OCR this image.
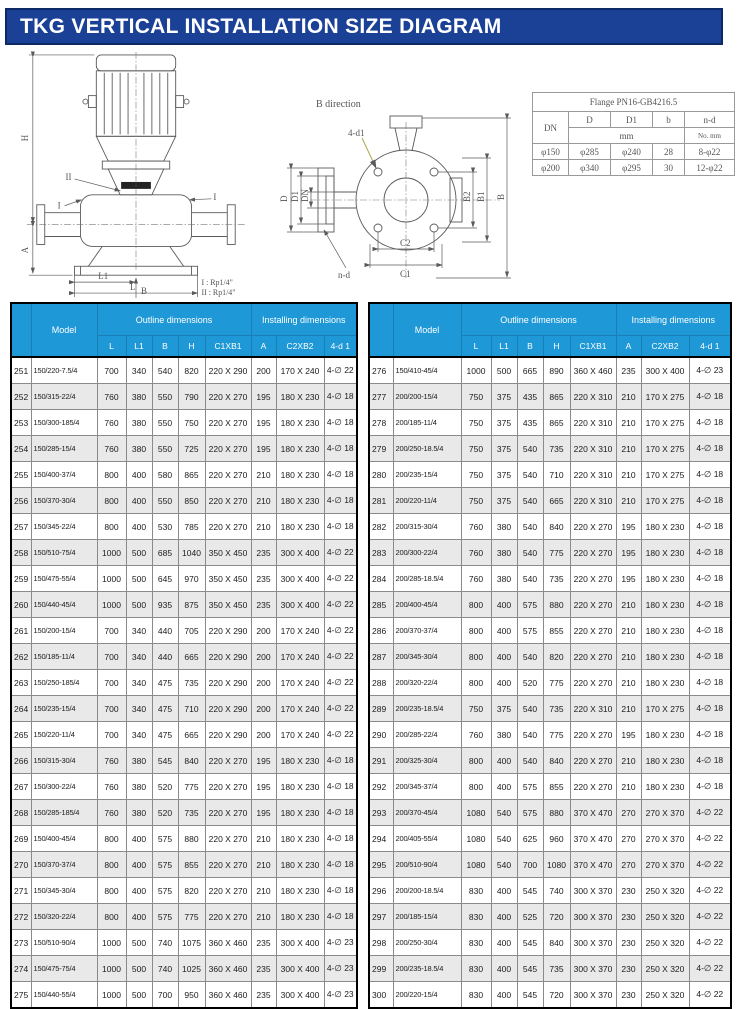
TKG VERTICAL INSTALLATION SIZE DIAGRAM
H
A
L1
L B
II
I
I
I : Rp1/4"
II : Rp1/4"
B direction
4-d1
n-d
D D1 DN	B2 B1 B
C2
C1
Flange PN16-GB4216.5				
DN	D	D1	b	n-d
	mm			No. mm
φ150	φ285	φ240	28	8-φ22
φ200	φ340	φ295	30	12-φ22
	Model	Outline dimensions					Installing dimensions		
		L	L1	B	H	C1XB1	A	C2XB2	4-d 1
251	150/220-7.5/4	700	340	540	820	220 X 290	200	170 X 240	4-∅ 22
252	150/315-22/4	760	380	550	790	220 X 270	195	180 X 230	4-∅ 18
253	150/300-185/4	760	380	550	750	220 X 270	195	180 X 230	4-∅ 18
254	150/285-15/4	760	380	550	725	220 X 270	195	180 X 230	4-∅ 18
255	150/400-37/4	800	400	580	865	220 X 270	210	180 X 230	4-∅ 18
256	150/370-30/4	800	400	550	850	220 X 270	210	180 X 230	4-∅ 18
257	150/345-22/4	800	400	530	785	220 X 270	210	180 X 230	4-∅ 18
258	150/510-75/4	1000	500	685	1040	350 X 450	235	300 X 400	4-∅ 22
259	150/475-55/4	1000	500	645	970	350 X 450	235	300 X 400	4-∅ 22
260	150/440-45/4	1000	500	935	875	350 X 450	235	300 X 400	4-∅ 22
261	150/200-15/4	700	340	440	705	220 X 290	200	170 X 240	4-∅ 22
262	150/185-11/4	700	340	440	665	220 X 290	200	170 X 240	4-∅ 22
263	150/250-185/4	700	340	475	735	220 X 290	200	170 X 240	4-∅ 22
264	150/235-15/4	700	340	475	710	220 X 290	200	170 X 240	4-∅ 22
265	150/220-11/4	700	340	475	665	220 X 290	200	170 X 240	4-∅ 22
266	150/315-30/4	760	380	545	840	220 X 270	195	180 X 230	4-∅ 18
267	150/300-22/4	760	380	520	775	220 X 270	195	180 X 230	4-∅ 18
268	150/285-185/4	760	380	520	735	220 X 270	195	180 X 230	4-∅ 18
269	150/400-45/4	800	400	575	880	220 X 270	210	180 X 230	4-∅ 18
270	150/370-37/4	800	400	575	855	220 X 270	210	180 X 230	4-∅ 18
271	150/345-30/4	800	400	575	820	220 X 270	210	180 X 230	4-∅ 18
272	150/320-22/4	800	400	575	775	220 X 270	210	180 X 230	4-∅ 18
273	150/510-90/4	1000	500	740	1075	360 X 460	235	300 X 400	4-∅ 23
274	150/475-75/4	1000	500	740	1025	360 X 460	235	300 X 400	4-∅ 23
275	150/440-55/4	1000	500	700	950	360 X 460	235	300 X 400	4-∅ 23
	Model	Outline dimensions					Installing dimensions		
		L	L1	B	H	C1XB1	A	C2XB2	4-d 1
276	150/410-45/4	1000	500	665	890	360 X 460	235	300 X 400	4-∅ 23
277	200/200-15/4	750	375	435	865	220 X 310	210	170 X 275	4-∅ 18
278	200/185-11/4	750	375	435	865	220 X 310	210	170 X 275	4-∅ 18
279	200/250-18.5/4	750	375	540	735	220 X 310	210	170 X 275	4-∅ 18
280	200/235-15/4	750	375	540	710	220 X 310	210	170 X 275	4-∅ 18
281	200/220-11/4	750	375	540	665	220 X 310	210	170 X 275	4-∅ 18
282	200/315-30/4	760	380	540	840	220 X 270	195	180 X 230	4-∅ 18
283	200/300-22/4	760	380	540	775	220 X 270	195	180 X 230	4-∅ 18
284	200/285-18.5/4	760	380	540	735	220 X 270	195	180 X 230	4-∅ 18
285	200/400-45/4	800	400	575	880	220 X 270	210	180 X 230	4-∅ 18
286	200/370-37/4	800	400	575	855	220 X 270	210	180 X 230	4-∅ 18
287	200/345-30/4	800	400	540	820	220 X 270	210	180 X 230	4-∅ 18
288	200/320-22/4	800	400	520	775	220 X 270	210	180 X 230	4-∅ 18
289	200/235-18.5/4	750	375	540	735	220 X 310	210	170 X 275	4-∅ 18
290	200/285-22/4	760	380	540	775	220 X 270	195	180 X 230	4-∅ 18
291	200/325-30/4	800	400	540	840	220 X 270	210	180 X 230	4-∅ 18
292	200/345-37/4	800	400	575	855	220 X 270	210	180 X 230	4-∅ 18
293	200/370-45/4	1080	540	575	880	370 X 470	270	270 X 370	4-∅ 22
294	200/405-55/4	1080	540	625	960	370 X 470	270	270 X 370	4-∅ 22
295	200/510-90/4	1080	540	700	1080	370 X 470	270	270 X 370	4-∅ 22
296	200/200-18.5/4	830	400	545	740	300 X 370	230	250 X 320	4-∅ 22
297	200/185-15/4	830	400	525	720	300 X 370	230	250 X 320	4-∅ 22
298	200/250-30/4	830	400	545	840	300 X 370	230	250 X 320	4-∅ 22
299	200/235-18.5/4	830	400	545	735	300 X 370	230	250 X 320	4-∅ 22
300	200/220-15/4	830	400	545	720	300 X 370	230	250 X 320	4-∅ 22
